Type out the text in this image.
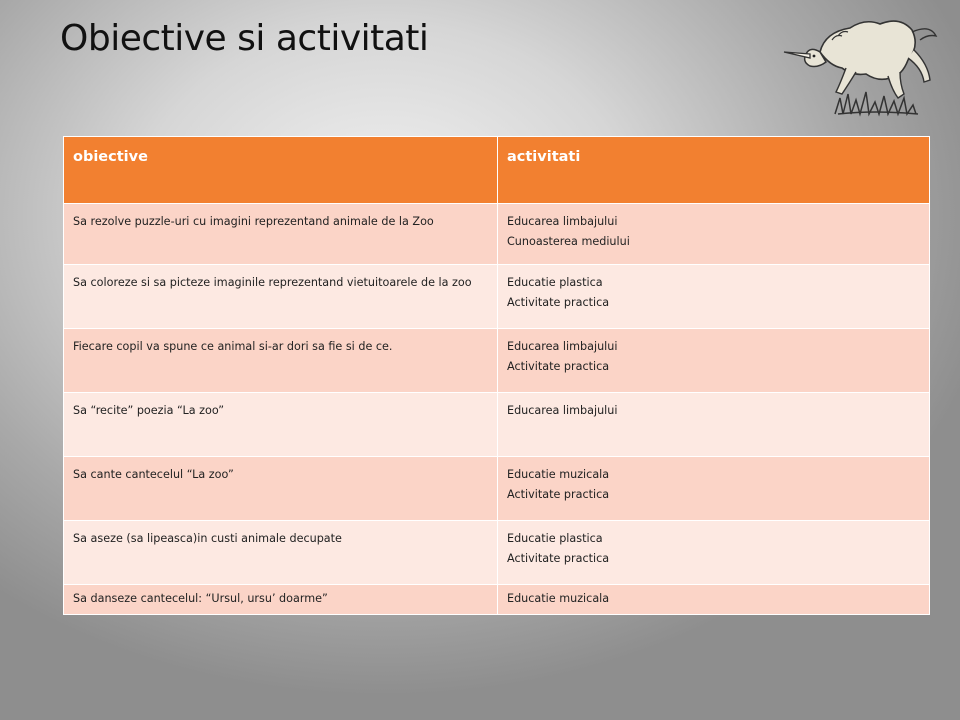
Obiective si activitati
obiective	activitati
Sa rezolve puzzle-uri cu imagini reprezentand animale de la Zoo	Educarea limbajului
Cunoasterea mediului

Sa coloreze si sa picteze imaginile reprezentand vietuitoarele de la zoo	Educatie plastica
Activitate practica

Fiecare copil va spune ce animal si-ar dori sa fie si de ce.	Educarea limbajului
Activitate practica

Sa “recite” poezia “La zoo”	Educarea limbajului

Sa cante cantecelul “La zoo”	Educatie muzicala
Activitate practica

Sa aseze (sa lipeasca)in custi animale decupate	Educatie plastica
Activitate practica

Sa danseze cantecelul: “Ursul, ursu’ doarme”	Educatie muzicala
